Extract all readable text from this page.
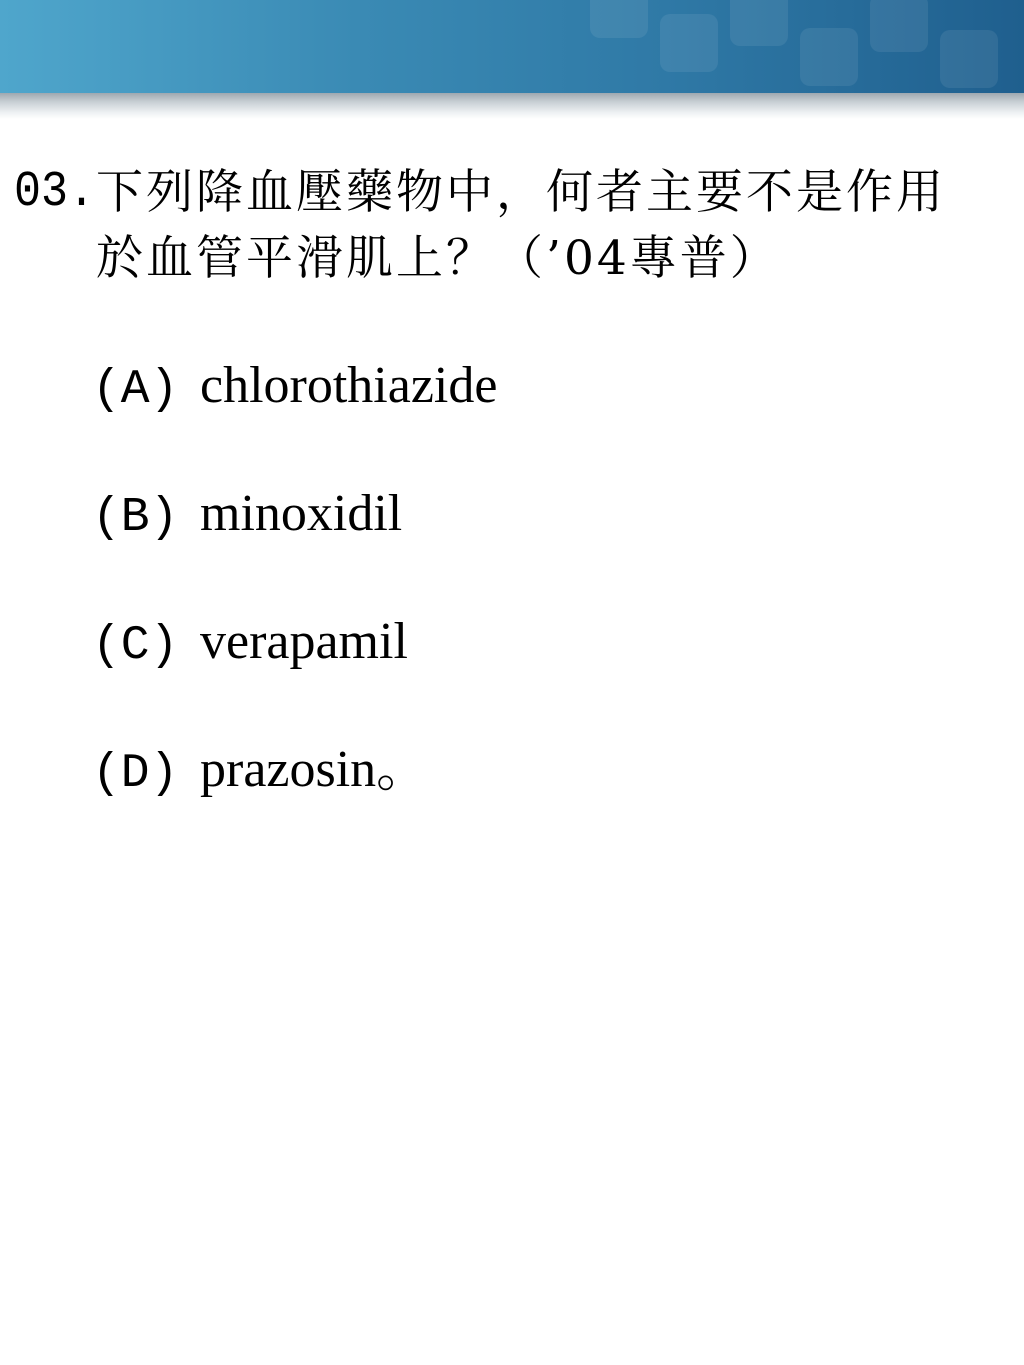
03. 下列降血壓藥物中，何者主要不是作用
於血管平滑肌上？（’04專普）
(A) chlorothiazide
(B) minoxidil
(C) verapamil
(D) prazosin。
